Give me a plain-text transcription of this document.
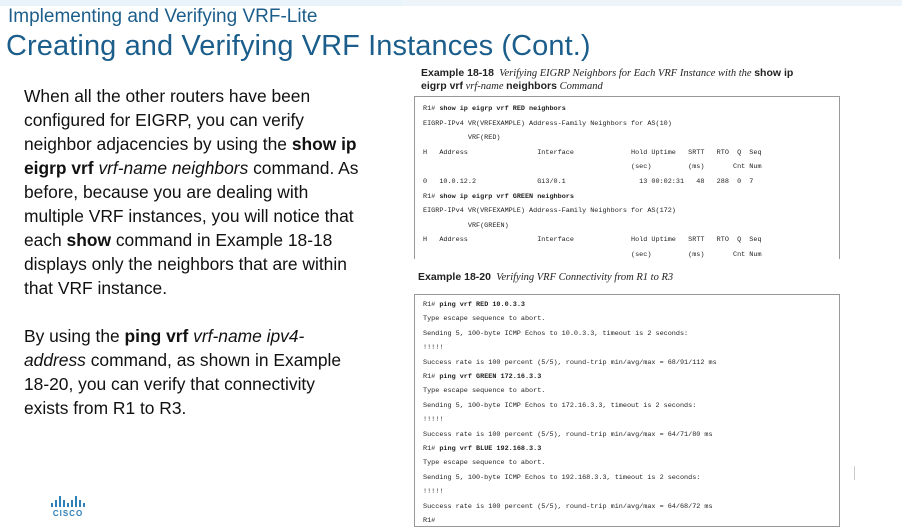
Implementing and Verifying VRF-Lite
Creating and Verifying VRF Instances (Cont.)

When all the other routers have been configured for EIGRP, you can verify neighbor adjacencies by using the show ip eigrp vrf vrf-name neighbors command. As before, because you are dealing with multiple VRF instances, you will notice that each show command in Example 18-18 displays only the neighbors that are within that VRF instance.

By using the ping vrf vrf-name ipv4-address command, as shown in Example 18-20, you can verify that connectivity exists from R1 to R3.

CISCO
Example 18-18 Verifying EIGRP Neighbors for Each VRF Instance with the show ip
eigrp vrf vrf-name neighbors Command
R1# show ip eigrp vrf RED neighbors
EIGRP-IPv4 VR(VRFEXAMPLE) Address-Family Neighbors for AS(10)
VRF(RED)
H   Address                 Interface              Hold Uptime   SRTT   RTO  Q  Seq
(sec)         (ms)       Cnt Num
0   10.0.12.2               Gi3/0.1                  13 00:02:31   48   288  0  7
R1# show ip eigrp vrf GREEN neighbors
EIGRP-IPv4 VR(VRFEXAMPLE) Address-Family Neighbors for AS(172)
VRF(GREEN)
H   Address                 Interface              Hold Uptime   SRTT   RTO  Q  Seq
(sec)         (ms)       Cnt Num
Example 18-20 Verifying VRF Connectivity from R1 to R3
R1# ping vrf RED 10.0.3.3
Type escape sequence to abort.
Sending 5, 100-byte ICMP Echos to 10.0.3.3, timeout is 2 seconds:
!!!!!
Success rate is 100 percent (5/5), round-trip min/avg/max = 68/91/112 ms
R1# ping vrf GREEN 172.16.3.3
Type escape sequence to abort.
Sending 5, 100-byte ICMP Echos to 172.16.3.3, timeout is 2 seconds:
!!!!!
Success rate is 100 percent (5/5), round-trip min/avg/max = 64/71/80 ms
R1# ping vrf BLUE 192.168.3.3
Type escape sequence to abort.
Sending 5, 100-byte ICMP Echos to 192.168.3.3, timeout is 2 seconds:
!!!!!
Success rate is 100 percent (5/5), round-trip min/avg/max = 64/68/72 ms
R1#
